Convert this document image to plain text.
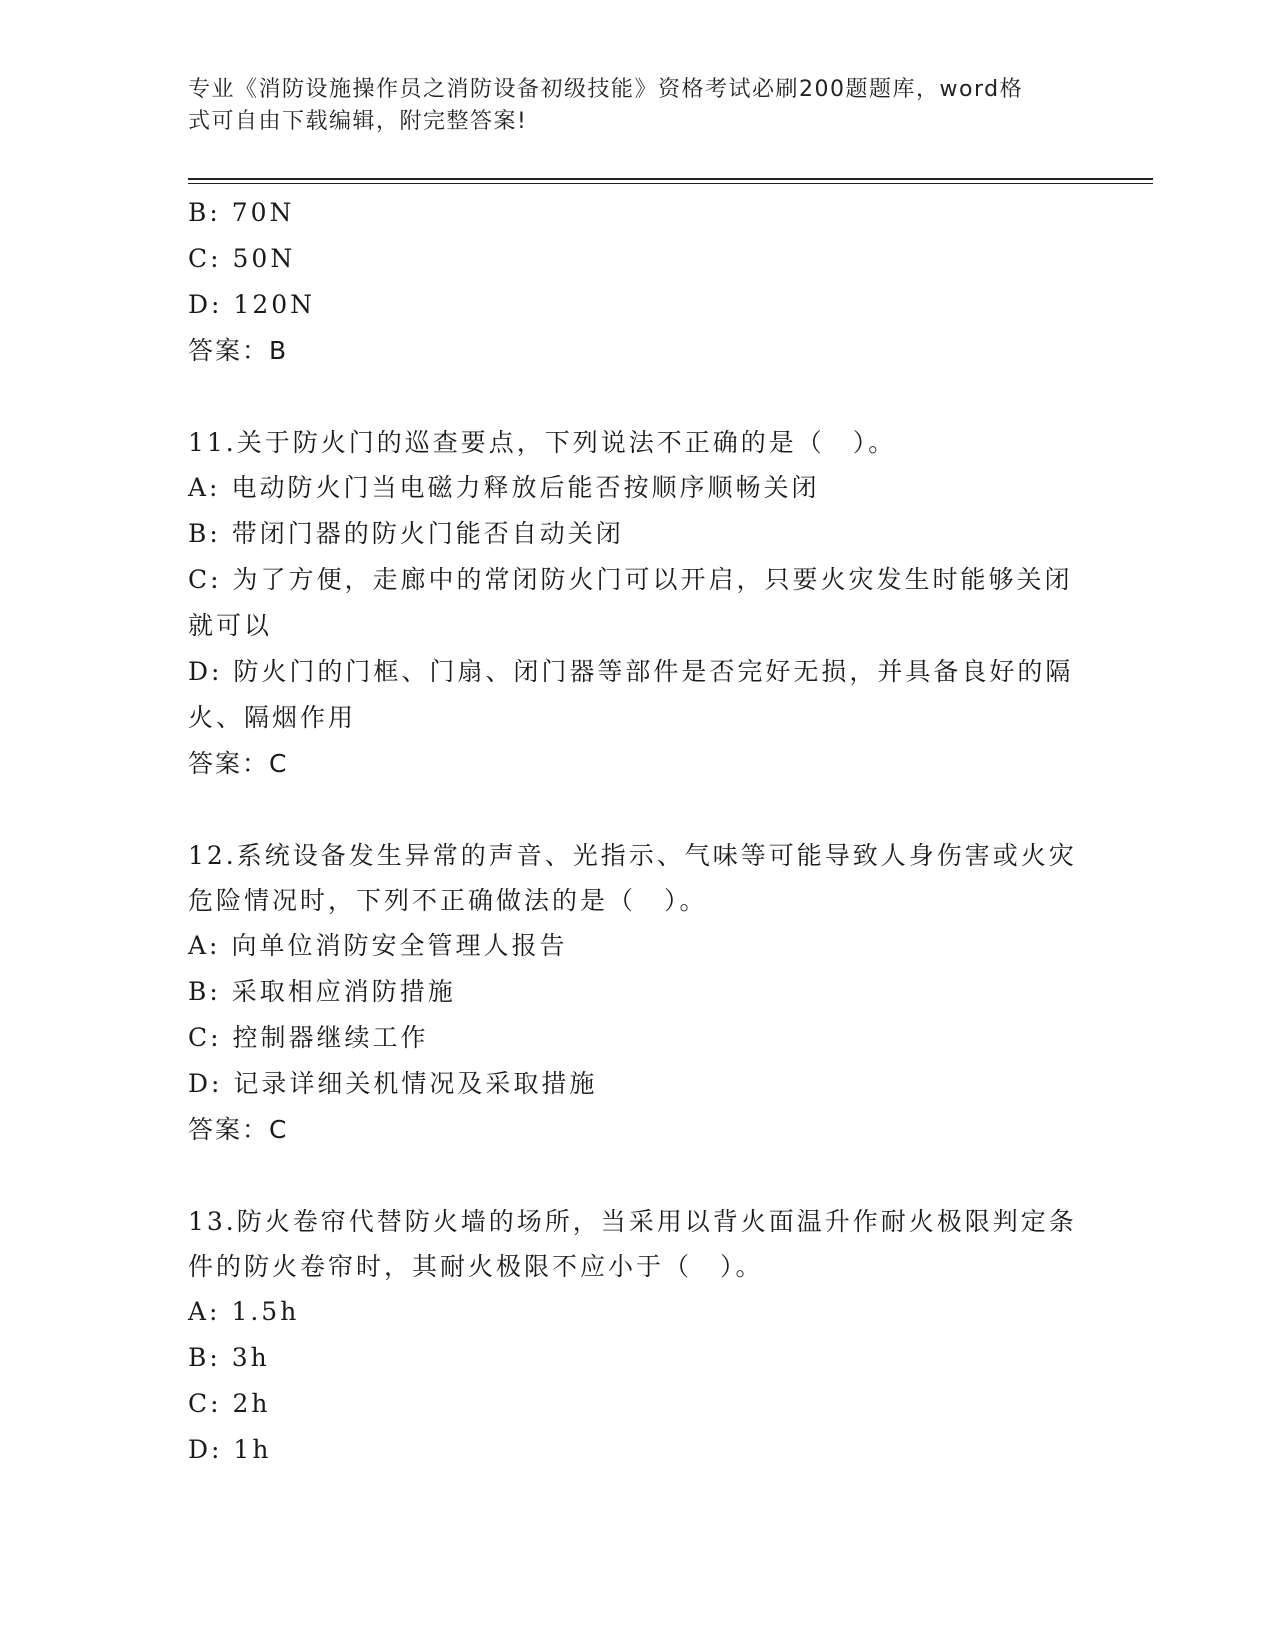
专业《消防设施操作员之消防设备初级技能》资格考试必刷200题题库，word格
式可自由下载编辑，附完整答案!
B: 70N
C: 50N
D: 120N
答案：B
11.关于防火门的巡查要点，下列说法不正确的是（　）。
A: 电动防火门当电磁力释放后能否按顺序顺畅关闭
B: 带闭门器的防火门能否自动关闭
C: 为了方便，走廊中的常闭防火门可以开启，只要火灾发生时能够关闭就可以
D: 防火门的门框、门扇、闭门器等部件是否完好无损，并具备良好的隔火、隔烟作用
答案：C
12.系统设备发生异常的声音、光指示、气味等可能导致人身伤害或火灾危险情况时，下列不正确做法的是（　）。
A: 向单位消防安全管理人报告
B: 采取相应消防措施
C: 控制器继续工作
D: 记录详细关机情况及采取措施
答案：C
13.防火卷帘代替防火墙的场所，当采用以背火面温升作耐火极限判定条件的防火卷帘时，其耐火极限不应小于（　）。
A: 1.5h
B: 3h
C: 2h
D: 1h
